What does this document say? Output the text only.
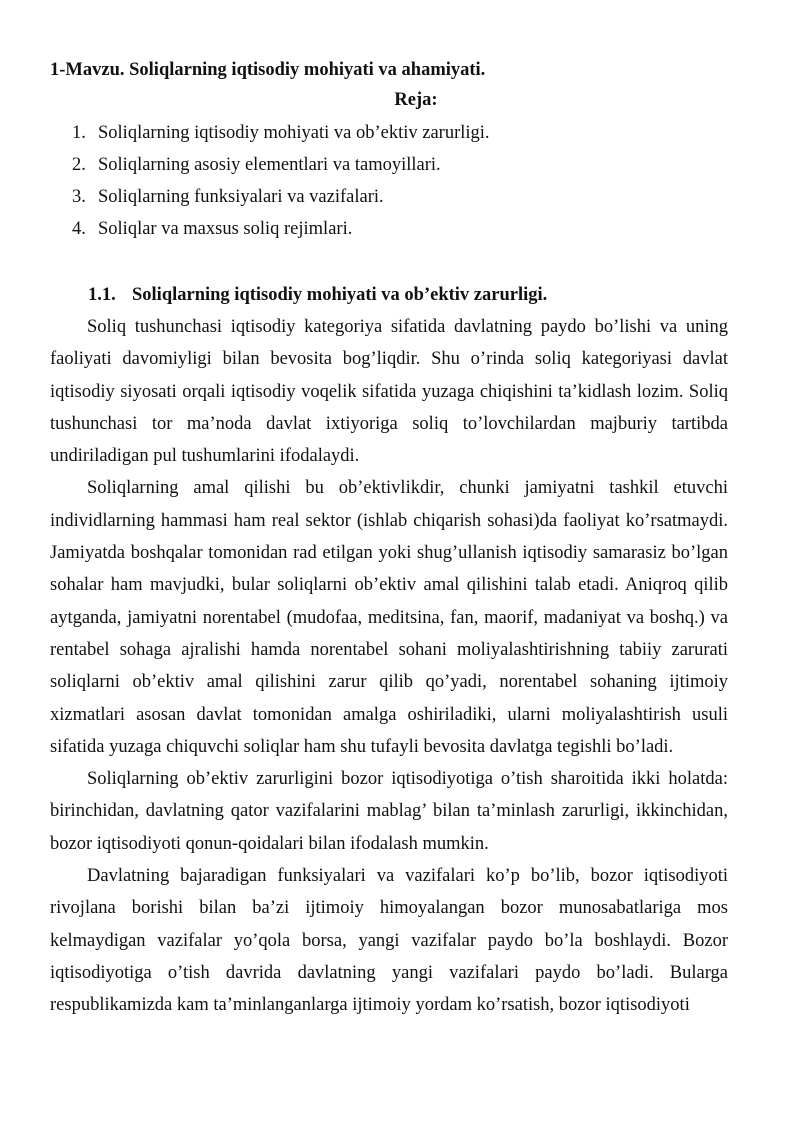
1-Mavzu. Soliqlarning iqtisodiy mohiyati va ahamiyati.

Reja:

1. Soliqlarning iqtisodiy mohiyati va ob’ektiv zarurligi.
2. Soliqlarning asosiy elementlari va tamoyillari.
3. Soliqlarning funksiyalari va vazifalari.
4. Soliqlar va maxsus soliq rejimlari.
1.1. Soliqlarning iqtisodiy mohiyati va ob’ektiv zarurligi.

Soliq tushunchasi iqtisodiy kategoriya sifatida davlatning paydo bo’lishi va uning faoliyati davomiyligi bilan bevosita bog’liqdir. Shu o’rinda soliq kategoriyasi davlat iqtisodiy siyosati orqali iqtisodiy voqelik sifatida yuzaga chiqishini ta’kidlash lozim. Soliq tushunchasi tor ma’noda davlat ixtiyoriga soliq to’lovchilardan majburiy tartibda undiriladigan pul tushumlarini ifodalaydi.

Soliqlarning amal qilishi bu ob’ektivlikdir, chunki jamiyatni tashkil etuvchi individlarning hammasi ham real sektor (ishlab chiqarish sohasi)da faoliyat ko’rsatmaydi. Jamiyatda boshqalar tomonidan rad etilgan yoki shug’ullanish iqtisodiy samarasiz bo’lgan sohalar ham mavjudki, bular soliqlarni ob’ektiv amal qilishini talab etadi. Aniqroq qilib aytganda, jamiyatni norentabel (mudofaa, meditsina, fan, maorif, madaniyat va boshq.) va rentabel sohaga ajralishi hamda norentabel sohani moliyalashtirishning tabiiy zarurati soliqlarni ob’ektiv amal qilishini zarur qilib qo’yadi, norentabel sohaning ijtimoiy xizmatlari asosan davlat tomonidan amalga oshiriladiki, ularni moliyalashtirish usuli sifatida yuzaga chiquvchi soliqlar ham shu tufayli bevosita davlatga tegishli bo’ladi.

Soliqlarning ob’ektiv zarurligini bozor iqtisodiyotiga o’tish sharoitida ikki holatda: birinchidan, davlatning qator vazifalarini mablag’ bilan ta’minlash zarurligi, ikkinchidan, bozor iqtisodiyoti qonun-qoidalari bilan ifodalash mumkin.

Davlatning bajaradigan funksiyalari va vazifalari ko’p bo’lib, bozor iqtisodiyoti rivojlana borishi bilan ba’zi ijtimoiy himoyalangan bozor munosabatlariga mos kelmaydigan vazifalar yo’qola borsa, yangi vazifalar paydo bo’la boshlaydi. Bozor iqtisodiyotiga o’tish davrida davlatning yangi vazifalari paydo bo’ladi. Bularga respublikamizda kam ta’minlanganlarga ijtimoiy yordam ko’rsatish, bozor iqtisodiyoti
